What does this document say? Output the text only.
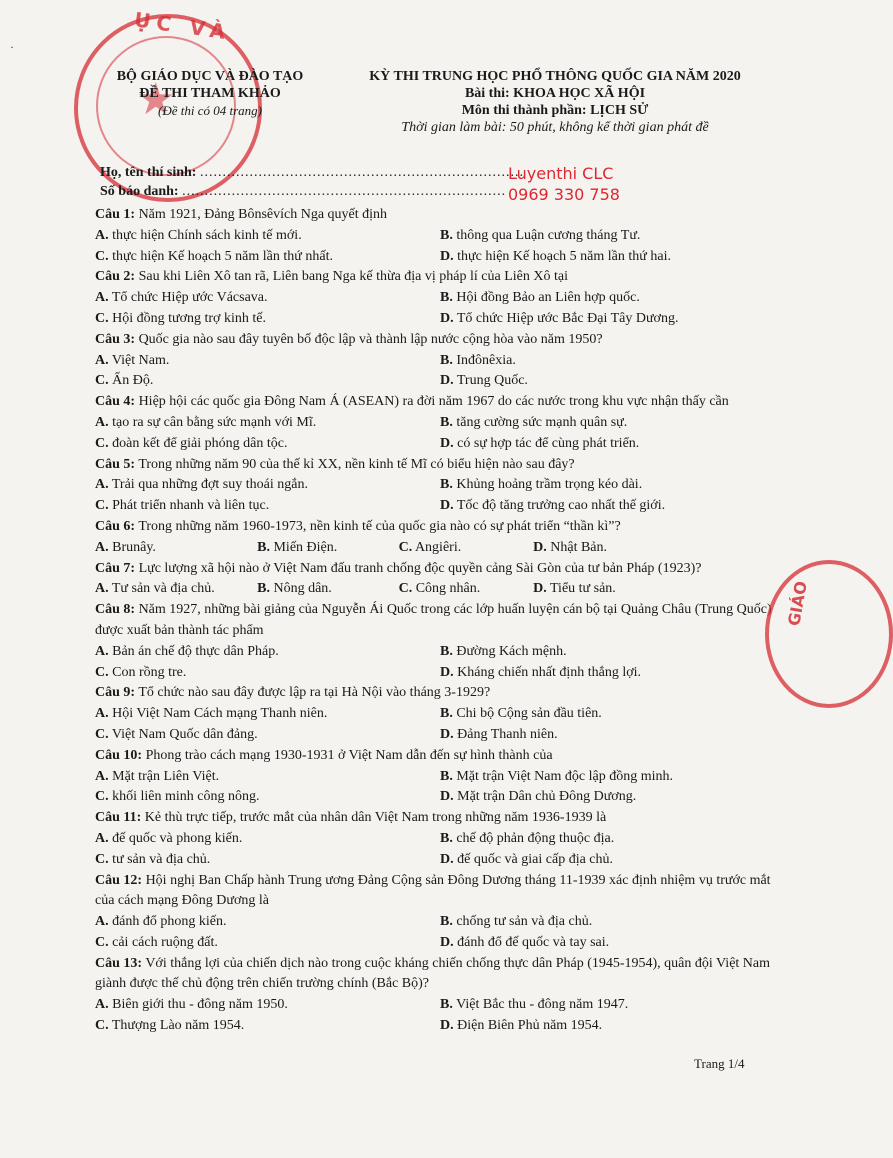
·
★
ỤC VÀ
BỘ GIÁO DỤC VÀ ĐÀO TẠO
ĐỀ THI THAM KHẢO
(Đề thi có 04 trang)
KỲ THI TRUNG HỌC PHỔ THÔNG QUỐC GIA NĂM 2020
Bài thi: KHOA HỌC XÃ HỘI
Môn thi thành phần: LỊCH SỬ
Thời gian làm bài: 50 phút, không kể thời gian phát đề
Họ, tên thí sinh: ........................................................................
Số báo danh: ........................................................................
Luyenthi CLC
0969 330 758

Câu 1: Năm 1921, Đảng Bônsêvích Nga quyết định

A. thực hiện Chính sách kinh tế mới.	B. thông qua Luận cương tháng Tư.
C. thực hiện Kế hoạch 5 năm lần thứ nhất.	D. thực hiện Kế hoạch 5 năm lần thứ hai.

Câu 2: Sau khi Liên Xô tan rã, Liên bang Nga kế thừa địa vị pháp lí của Liên Xô tại

A. Tổ chức Hiệp ước Vácsava.	B. Hội đồng Bảo an Liên hợp quốc.
C. Hội đồng tương trợ kinh tế.	D. Tổ chức Hiệp ước Bắc Đại Tây Dương.

Câu 3: Quốc gia nào sau đây tuyên bố độc lập và thành lập nước cộng hòa vào năm 1950?

A. Việt Nam.	B. Inđônêxia.
C. Ấn Độ.	D. Trung Quốc.

Câu 4: Hiệp hội các quốc gia Đông Nam Á (ASEAN) ra đời năm 1967 do các nước trong khu vực nhận thấy cần

A. tạo ra sự cân bằng sức mạnh với Mĩ.	B. tăng cường sức mạnh quân sự.
C. đoàn kết để giải phóng dân tộc.	D. có sự hợp tác để cùng phát triển.

Câu 5: Trong những năm 90 của thế kỉ XX, nền kinh tế Mĩ có biểu hiện nào sau đây?

A. Trải qua những đợt suy thoái ngắn.	B. Khủng hoảng trầm trọng kéo dài.
C. Phát triển nhanh và liên tục.	D. Tốc độ tăng trưởng cao nhất thế giới.

Câu 6: Trong những năm 1960-1973, nền kinh tế của quốc gia nào có sự phát triển “thần kì”?

A. Brunây.	B. Miến Điện.	C. Angiêri.	D. Nhật Bản.

Câu 7: Lực lượng xã hội nào ở Việt Nam đấu tranh chống độc quyền cảng Sài Gòn của tư bản Pháp (1923)?

A. Tư sản và địa chủ.	B. Nông dân.	C. Công nhân.	D. Tiểu tư sản.

Câu 8: Năm 1927, những bài giảng của Nguyễn Ái Quốc trong các lớp huấn luyện cán bộ tại Quảng Châu (Trung Quốc) được xuất bản thành tác phẩm

A. Bản án chế độ thực dân Pháp.	B. Đường Kách mệnh.
C. Con rồng tre.	D. Kháng chiến nhất định thắng lợi.

Câu 9: Tổ chức nào sau đây được lập ra tại Hà Nội vào tháng 3-1929?

A. Hội Việt Nam Cách mạng Thanh niên.	B. Chi bộ Cộng sản đầu tiên.
C. Việt Nam Quốc dân đảng.	D. Đảng Thanh niên.

Câu 10: Phong trào cách mạng 1930-1931 ở Việt Nam dẫn đến sự hình thành của

A. Mặt trận Liên Việt.	B. Mặt trận Việt Nam độc lập đồng minh.
C. khối liên minh công nông.	D. Mặt trận Dân chủ Đông Dương.

Câu 11: Kẻ thù trực tiếp, trước mắt của nhân dân Việt Nam trong những năm 1936-1939 là

A. đế quốc và phong kiến.	B. chế độ phản động thuộc địa.
C. tư sản và địa chủ.	D. đế quốc và giai cấp địa chủ.

Câu 12: Hội nghị Ban Chấp hành Trung ương Đảng Cộng sản Đông Dương tháng 11-1939 xác định nhiệm vụ trước mắt của cách mạng Đông Dương là

A. đánh đổ phong kiến.	B. chống tư sản và địa chủ.
C. cải cách ruộng đất.	D. đánh đổ đế quốc và tay sai.

Câu 13: Với thắng lợi của chiến dịch nào trong cuộc kháng chiến chống thực dân Pháp (1945-1954), quân đội Việt Nam giành được thế chủ động trên chiến trường chính (Bắc Bộ)?

A. Biên giới thu - đông năm 1950.	B. Việt Bắc thu - đông năm 1947.
C. Thượng Lào năm 1954.	D. Điện Biên Phủ năm 1954.
GIÁO
Trang 1/4
